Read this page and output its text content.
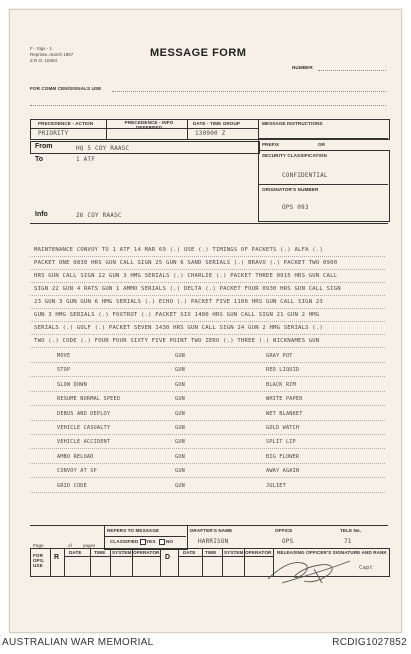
F - Sigs - 1
Reprinte..march 1967
Z.R.O. 10464
MESSAGE FORM
NUMBER
FOR COMM CEN/SIGNALS USE
PRECEDENCE - ACTION	PRECEDENCE - INFO DEFERRED
DATE - TIME GROUP	MESSAGE INSTRUCTIONS
PRIORITY	130900 Z
PREFIX	GR
From	HQ 5 COY RAASC
To	1 ATF
SECURITY CLASSIFICATION
CONFIDENTIAL
ORIGINATOR'S NUMBER
OPS 093
Info	26 COY RAASC
MAINTENANCE CONVOY TO 1 ATF 14 MAR 69 (.) USE (.) TIMINGS OF PACKETS (.) ALFA (.)
PACKET ONE 0830 HRS GUN CALL SIGN 25 GUN 6 SAND SERIALS (.) BRAVO (.) PACKET TWO 0900
HRS GUN CALL SIGN 22 GUN 3 HMG SERIALS (.) CHARLIE (.) PACKET THREE 0915 HRS GUN CALL
SIGN 22 GUN 4 RATS GUN 1 AMMO SERIALS (.) DELTA (.) PACKET FOUR 0930 HRS GUN CALL SIGN
23 GUN 3 GUN GUN 6 HMG SERIALS (.) ECHO (.) PACKET FIVE 1100 HRS GUN CALL SIGN 23
GUN 3 HMG SERIALS (.) FOXTROT (.) PACKET SIX 1400 HRS GUN CALL SIGN 21 GUN 2 HMG
SERIALS (.) GOLF (.) PACKET SEVEN 1430 HRS GUN CALL SIGN 24 GUN 2 HMG SERIALS (.)
TWO (.) CODE (.) FOUR FOUR SIXTY FIVE POINT TWO ZERO (.) THREE (.) NICKNAMES GUN
MOVE	GUN	GRAY POT
STOP	GUN	RED LIQUID
SLOW DOWN	GUN	BLACK RIM
RESUME NORMAL SPEED	GUN	WHITE PAPER
DEBUS AND DEPLOY	GUN	WET BLANKET
VEHICLE CASUALTY	GUN	GOLD WATCH
VEHICLE ACCIDENT	GUN	SPLIT LIP
AMBO RELOAD	GUN	BIG FLOWER
CONVOY AT SP	GUN	AWAY AGAIN
GRID CODE	GUN	JULIET
Page	of pages
REFERS TO MESSAGE
CLASSIFIED YES NO
DRAFTER'S NAME	OFFICE	TELE No.
HARRISON	OPS	71
FOR OPS. USE
R
DATE	TIME SYSTEM OPERATOR
D
DATE TIME SYSTEM OPERATOR RELEASING OFFICER'S SIGNATURE AND RANK
Capt
AUSTRALIAN WAR MEMORIAL	RCDIG1027852
